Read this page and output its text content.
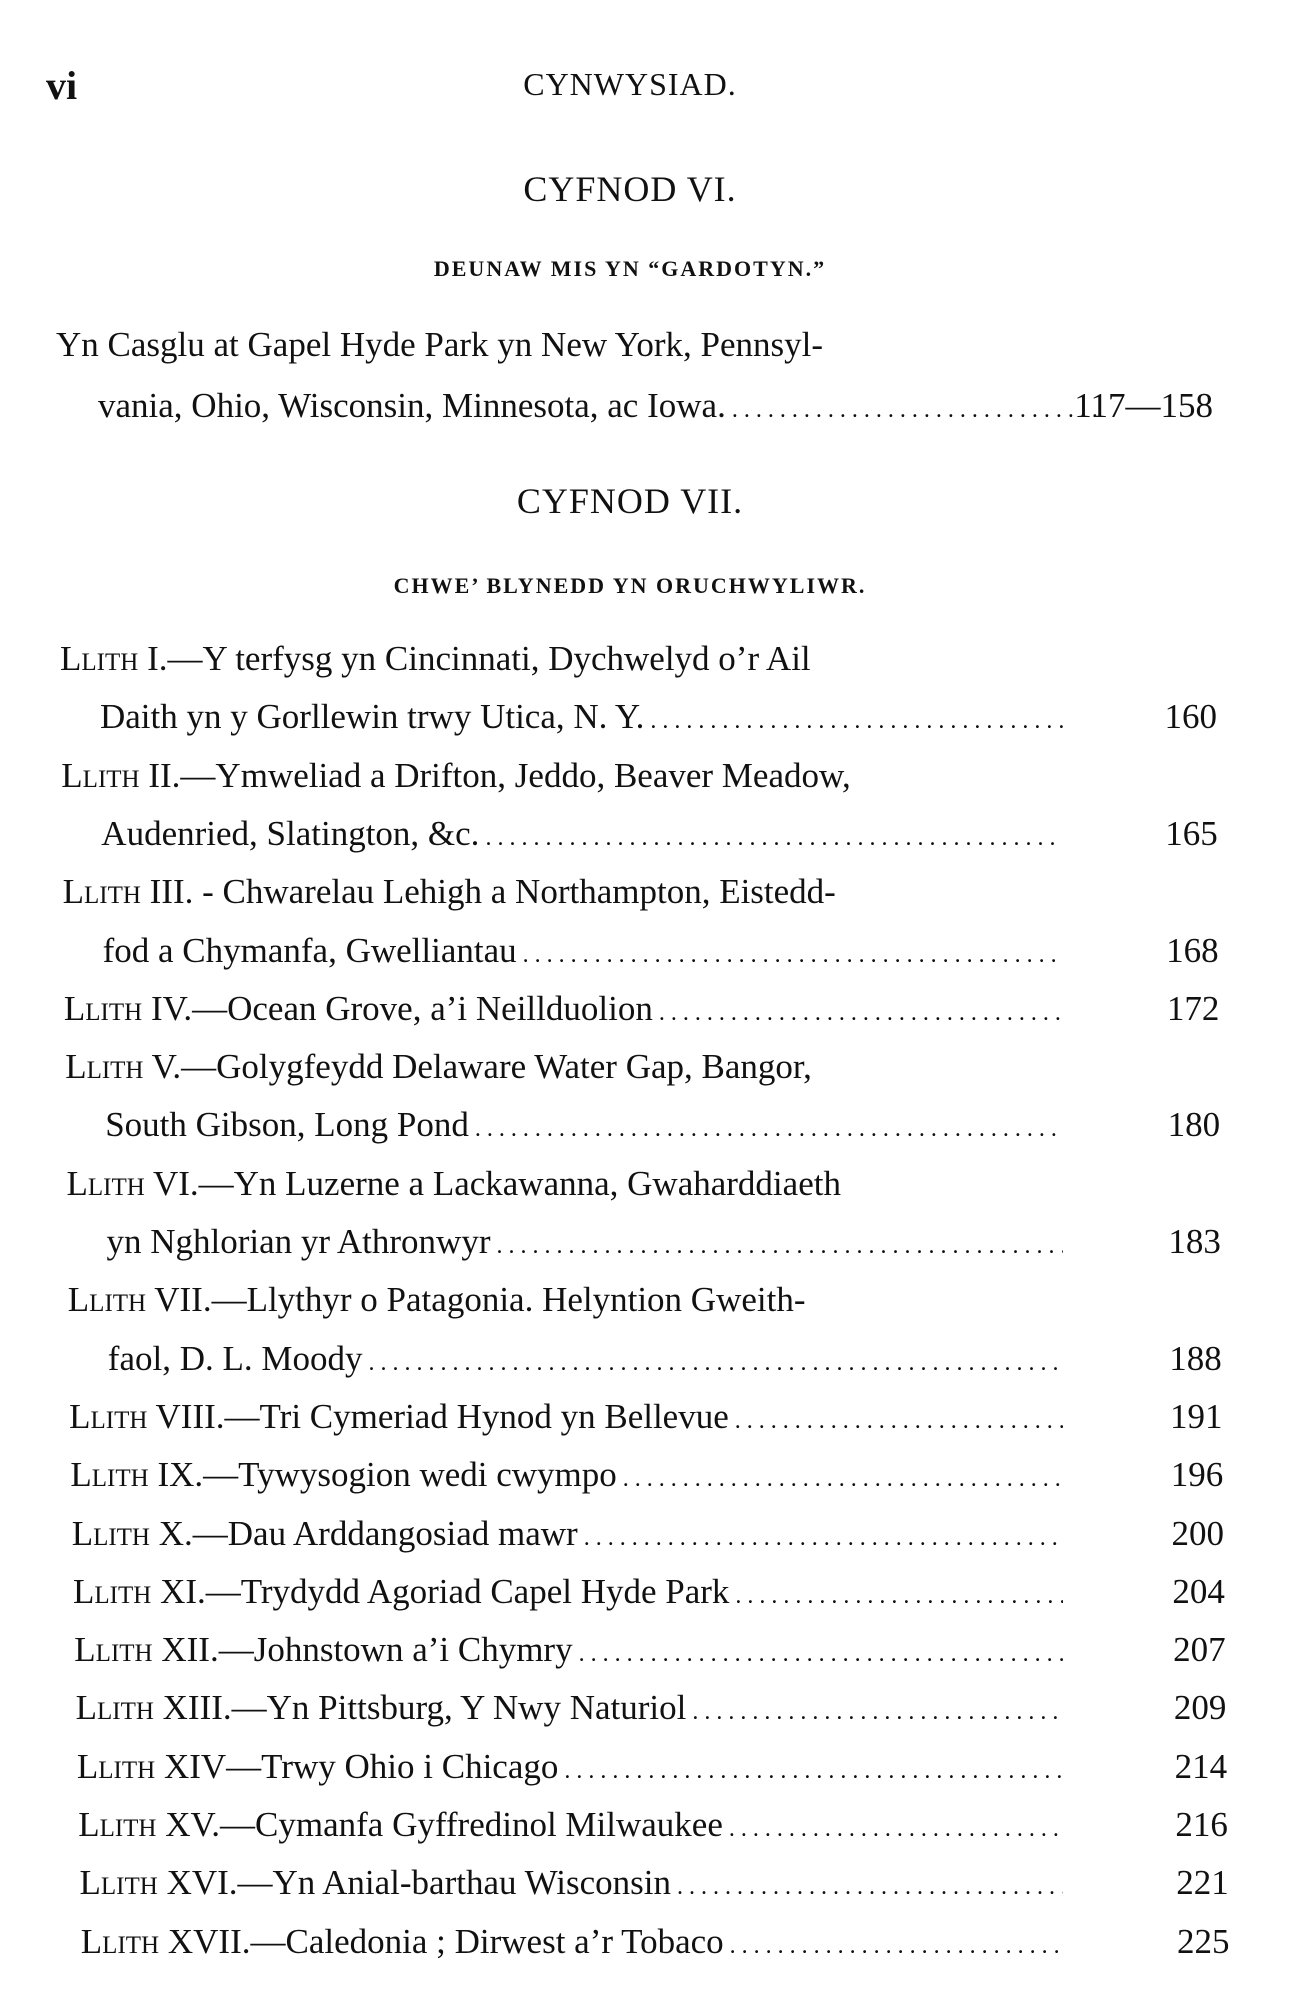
vi	CYNWYSIAD.
CYFNOD VI.
DEUNAW MIS YN “GARDOTYN.”
Yn Casglu at Gapel Hyde Park yn New York, Pennsyl-
vania, Ohio, Wisconsin, Minnesota, ac Iowa. . . .	117—158
CYFNOD VII.
CHWE’ BLYNEDD YN ORUCHWYLIWR.
Llith I.—Y terfysg yn Cincinnati, Dychwelyd o’r Ail
Daith yn y Gorllewin trwy Utica, N. Y. . . .	160
Llith II.—Ymweliad a Drifton, Jeddo, Beaver Meadow,
Audenried, Slatington, &c. . . .	165
Llith III. - Chwarelau Lehigh a Northampton, Eistedd-
fod a Chymanfa, Gwelliantau . . .	168
Llith IV.—Ocean Grove, a’i Neillduolion . . .	172
Llith V.—Golygfeydd Delaware Water Gap, Bangor,
South Gibson, Long Pond . . .	180
Llith VI.—Yn Luzerne a Lackawanna, Gwaharddiaeth
yn Nghlorian yr Athronwyr . . .	183
Llith VII.—Llythyr o Patagonia. Helyntion Gweith-
faol, D. L. Moody . . .	188
Llith VIII.—Tri Cymeriad Hynod yn Bellevue . . .	191
Llith IX.—Tywysogion wedi cwympo . . .	196
Llith X.—Dau Arddangosiad mawr . . .	200
Llith XI.—Trydydd Agoriad Capel Hyde Park . . .	204
Llith XII.—Johnstown a’i Chymry . . .	207
Llith XIII.—Yn Pittsburg, Y Nwy Naturiol . . .	209
Llith XIV—Trwy Ohio i Chicago . . .	214
Llith XV.—Cymanfa Gyffredinol Milwaukee . . .	216
Llith XVI.—Yn Anial-barthau Wisconsin . . .	221
Llith XVII.—Caledonia ; Dirwest a’r Tobaco . . .	225
